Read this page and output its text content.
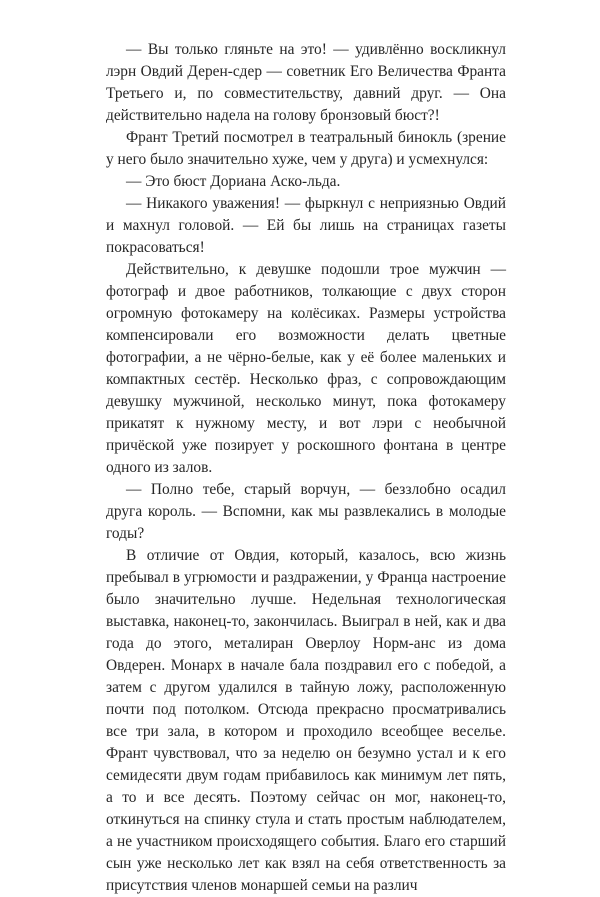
— Вы только гляньте на это! — удивлённо воскликнул лэрн Овдий Дерен-сдер — советник Его Величества Франта Третьего и, по совместительству, давний друг. — Она действительно надела на голову бронзовый бюст?!

Франт Третий посмотрел в театральный бинокль (зрение у него было значительно хуже, чем у друга) и усмехнулся:

— Это бюст Дориана Аско-льда.

— Никакого уважения! — фыркнул с неприязнью Овдий и махнул головой. — Ей бы лишь на страницах газеты покрасоваться!

Действительно, к девушке подошли трое мужчин — фотограф и двое работников, толкающие с двух сторон огромную фотокамеру на колёсиках. Размеры устройства компенсировали его возможности делать цветные фотографии, а не чёрно-белые, как у её более маленьких и компактных сестёр. Несколько фраз, с сопровождающим девушку мужчиной, несколько минут, пока фотокамеру прикатят к нужному месту, и вот лэри с необычной причёской уже позирует у роскошного фонтана в центре одного из залов.

— Полно тебе, старый ворчун, — беззлобно осадил друга король. — Вспомни, как мы развлекались в молодые годы?

В отличие от Овдия, который, казалось, всю жизнь пребывал в угрюмости и раздражении, у Франца настроение было значительно лучше. Недельная технологическая выставка, наконец-то, закончилась. Выиграл в ней, как и два года до этого, металиран Оверлоу Норм-анс из дома Овдерен. Монарх в начале бала поздравил его с победой, а затем с другом удалился в тайную ложу, расположенную почти под потолком. Отсюда прекрасно просматривались все три зала, в котором и проходило всеобщее веселье. Франт чувствовал, что за неделю он безумно устал и к его семидесяти двум годам прибавилось как минимум лет пять, а то и все десять. Поэтому сейчас он мог, наконец-то, откинуться на спинку стула и стать простым наблюдателем, а не участником происходящего события. Благо его старший сын уже несколько лет как взял на себя ответственность за присутствия членов монаршей семьи на различ
